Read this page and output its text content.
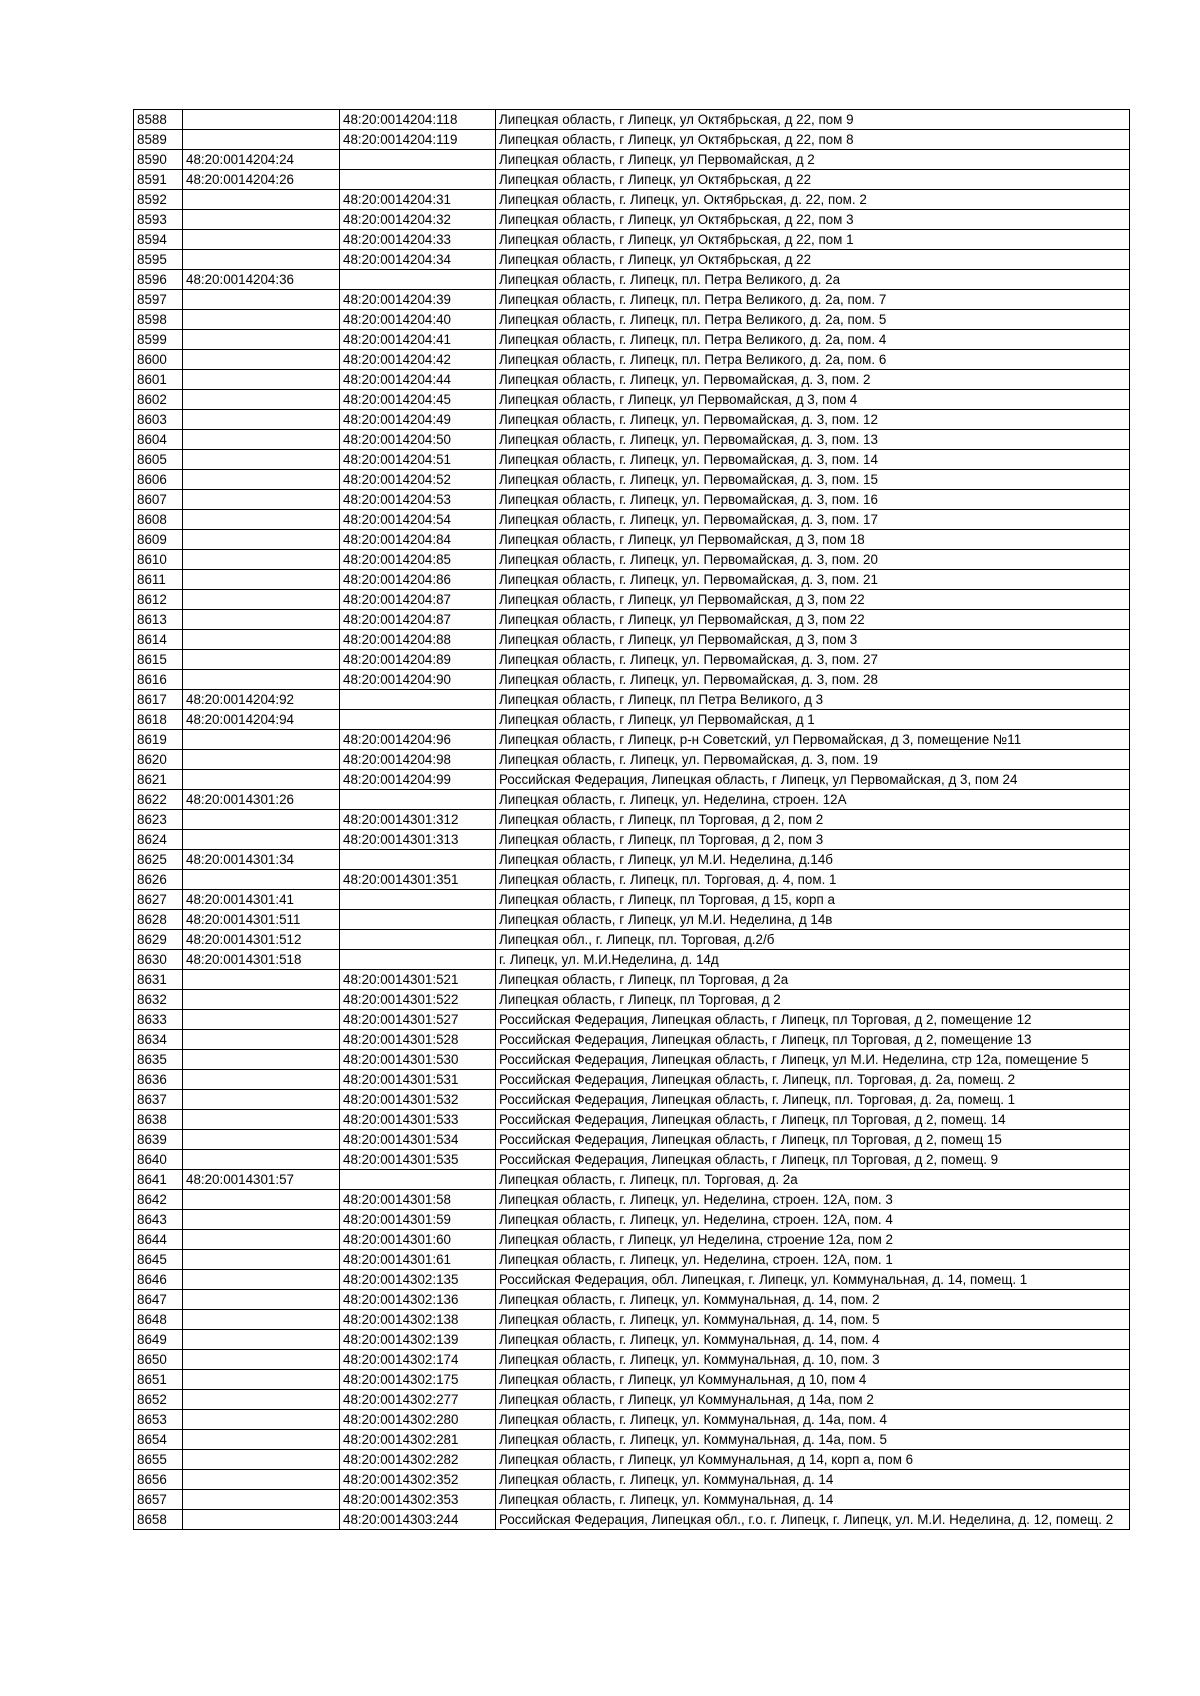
8588		48:20:0014204:118	Липецкая область, г Липецк, ул Октябрьская, д 22, пом 9
8589		48:20:0014204:119	Липецкая область, г Липецк, ул Октябрьская, д 22, пом 8
8590	48:20:0014204:24		Липецкая область, г Липецк, ул Первомайская, д 2
8591	48:20:0014204:26		Липецкая область, г Липецк, ул Октябрьская, д 22
8592		48:20:0014204:31	Липецкая область, г. Липецк, ул. Октябрьская, д. 22, пом. 2
8593		48:20:0014204:32	Липецкая область, г Липецк, ул Октябрьская, д 22, пом 3
8594		48:20:0014204:33	Липецкая область, г Липецк, ул Октябрьская, д 22, пом 1
8595		48:20:0014204:34	Липецкая область, г Липецк, ул Октябрьская, д 22
8596	48:20:0014204:36		Липецкая область, г. Липецк, пл. Петра Великого, д. 2а
8597		48:20:0014204:39	Липецкая область, г. Липецк, пл. Петра Великого, д. 2а, пом. 7
8598		48:20:0014204:40	Липецкая область, г. Липецк, пл. Петра Великого, д. 2а, пом. 5
8599		48:20:0014204:41	Липецкая область, г. Липецк, пл. Петра Великого, д. 2а, пом. 4
8600		48:20:0014204:42	Липецкая область, г. Липецк, пл. Петра Великого, д. 2а, пом. 6
8601		48:20:0014204:44	Липецкая область, г. Липецк, ул. Первомайская, д. 3, пом. 2
8602		48:20:0014204:45	Липецкая область, г Липецк, ул Первомайская, д 3, пом 4
8603		48:20:0014204:49	Липецкая область, г. Липецк, ул. Первомайская, д. 3, пом. 12
8604		48:20:0014204:50	Липецкая область, г. Липецк, ул. Первомайская, д. 3, пом. 13
8605		48:20:0014204:51	Липецкая область, г. Липецк, ул. Первомайская, д. 3, пом. 14
8606		48:20:0014204:52	Липецкая область, г. Липецк, ул. Первомайская, д. 3, пом. 15
8607		48:20:0014204:53	Липецкая область, г. Липецк, ул. Первомайская, д. 3, пом. 16
8608		48:20:0014204:54	Липецкая область, г. Липецк, ул. Первомайская, д. 3, пом. 17
8609		48:20:0014204:84	Липецкая область, г Липецк, ул Первомайская, д 3, пом 18
8610		48:20:0014204:85	Липецкая область, г. Липецк, ул. Первомайская, д. 3, пом. 20
8611		48:20:0014204:86	Липецкая область, г. Липецк, ул. Первомайская, д. 3, пом. 21
8612		48:20:0014204:87	Липецкая область, г Липецк, ул Первомайская, д 3, пом 22
8613		48:20:0014204:87	Липецкая область, г Липецк, ул Первомайская, д 3, пом 22
8614		48:20:0014204:88	Липецкая область, г Липецк, ул Первомайская, д 3, пом 3
8615		48:20:0014204:89	Липецкая область, г. Липецк, ул. Первомайская, д. 3, пом. 27
8616		48:20:0014204:90	Липецкая область, г. Липецк, ул. Первомайская, д. 3, пом. 28
8617	48:20:0014204:92		Липецкая область, г Липецк, пл Петра Великого, д 3
8618	48:20:0014204:94		Липецкая область, г Липецк, ул Первомайская, д 1
8619		48:20:0014204:96	Липецкая область, г Липецк, р-н Советский, ул Первомайская, д 3, помещение №11
8620		48:20:0014204:98	Липецкая область, г. Липецк, ул. Первомайская, д. 3, пом. 19
8621		48:20:0014204:99	Российская Федерация, Липецкая область, г Липецк, ул Первомайская, д 3, пом 24
8622	48:20:0014301:26		Липецкая область, г. Липецк, ул. Неделина, строен. 12А
8623		48:20:0014301:312	Липецкая область, г Липецк, пл Торговая, д 2, пом 2
8624		48:20:0014301:313	Липецкая область, г Липецк, пл Торговая, д 2, пом 3
8625	48:20:0014301:34		Липецкая область, г Липецк, ул М.И. Неделина, д.14б
8626		48:20:0014301:351	Липецкая область, г. Липецк, пл. Торговая, д. 4, пом. 1
8627	48:20:0014301:41		Липецкая область, г Липецк, пл Торговая, д 15, корп а
8628	48:20:0014301:511		Липецкая область, г Липецк, ул М.И. Неделина, д 14в
8629	48:20:0014301:512		Липецкая обл., г. Липецк, пл. Торговая, д.2/б
8630	48:20:0014301:518		г. Липецк, ул. М.И.Неделина, д. 14д
8631		48:20:0014301:521	Липецкая область, г Липецк, пл Торговая, д 2а
8632		48:20:0014301:522	Липецкая область, г Липецк, пл Торговая, д 2
8633		48:20:0014301:527	Российская Федерация, Липецкая область, г Липецк, пл Торговая, д 2, помещение 12
8634		48:20:0014301:528	Российская Федерация, Липецкая область, г Липецк, пл Торговая, д 2, помещение 13
8635		48:20:0014301:530	Российская Федерация, Липецкая область, г Липецк, ул М.И. Неделина, стр 12а, помещение 5
8636		48:20:0014301:531	Российская Федерация, Липецкая область, г. Липецк, пл. Торговая, д. 2а, помещ. 2
8637		48:20:0014301:532	Российская Федерация, Липецкая область, г. Липецк, пл. Торговая, д. 2а, помещ. 1
8638		48:20:0014301:533	Российская Федерация, Липецкая область, г Липецк, пл Торговая, д 2, помещ. 14
8639		48:20:0014301:534	Российская Федерация, Липецкая область, г Липецк, пл Торговая, д 2, помещ 15
8640		48:20:0014301:535	Российская Федерация, Липецкая область, г Липецк, пл Торговая, д 2, помещ. 9
8641	48:20:0014301:57		Липецкая область, г. Липецк, пл. Торговая, д. 2а
8642		48:20:0014301:58	Липецкая область, г. Липецк, ул. Неделина, строен. 12А, пом. 3
8643		48:20:0014301:59	Липецкая область, г. Липецк, ул. Неделина, строен. 12А, пом. 4
8644		48:20:0014301:60	Липецкая область, г Липецк, ул Неделина, строение 12а, пом 2
8645		48:20:0014301:61	Липецкая область, г. Липецк, ул. Неделина, строен. 12А, пом. 1
8646		48:20:0014302:135	Российская Федерация, обл. Липецкая, г. Липецк, ул. Коммунальная, д. 14, помещ. 1
8647		48:20:0014302:136	Липецкая область, г. Липецк, ул. Коммунальная, д. 14, пом. 2
8648		48:20:0014302:138	Липецкая область, г. Липецк, ул. Коммунальная, д. 14, пом. 5
8649		48:20:0014302:139	Липецкая область, г. Липецк, ул. Коммунальная, д. 14, пом. 4
8650		48:20:0014302:174	Липецкая область, г. Липецк, ул. Коммунальная, д. 10, пом. 3
8651		48:20:0014302:175	Липецкая область, г Липецк, ул Коммунальная, д 10, пом 4
8652		48:20:0014302:277	Липецкая область, г Липецк, ул Коммунальная, д 14а, пом 2
8653		48:20:0014302:280	Липецкая область, г. Липецк, ул. Коммунальная, д. 14а, пом. 4
8654		48:20:0014302:281	Липецкая область, г. Липецк, ул. Коммунальная, д. 14а, пом. 5
8655		48:20:0014302:282	Липецкая область, г Липецк, ул Коммунальная, д 14, корп а, пом 6
8656		48:20:0014302:352	Липецкая область, г. Липецк, ул. Коммунальная, д. 14
8657		48:20:0014302:353	Липецкая область, г. Липецк, ул. Коммунальная, д. 14
8658		48:20:0014303:244	Российская Федерация, Липецкая обл., г.о. г. Липецк, г. Липецк, ул. М.И. Неделина, д. 12, помещ. 2
